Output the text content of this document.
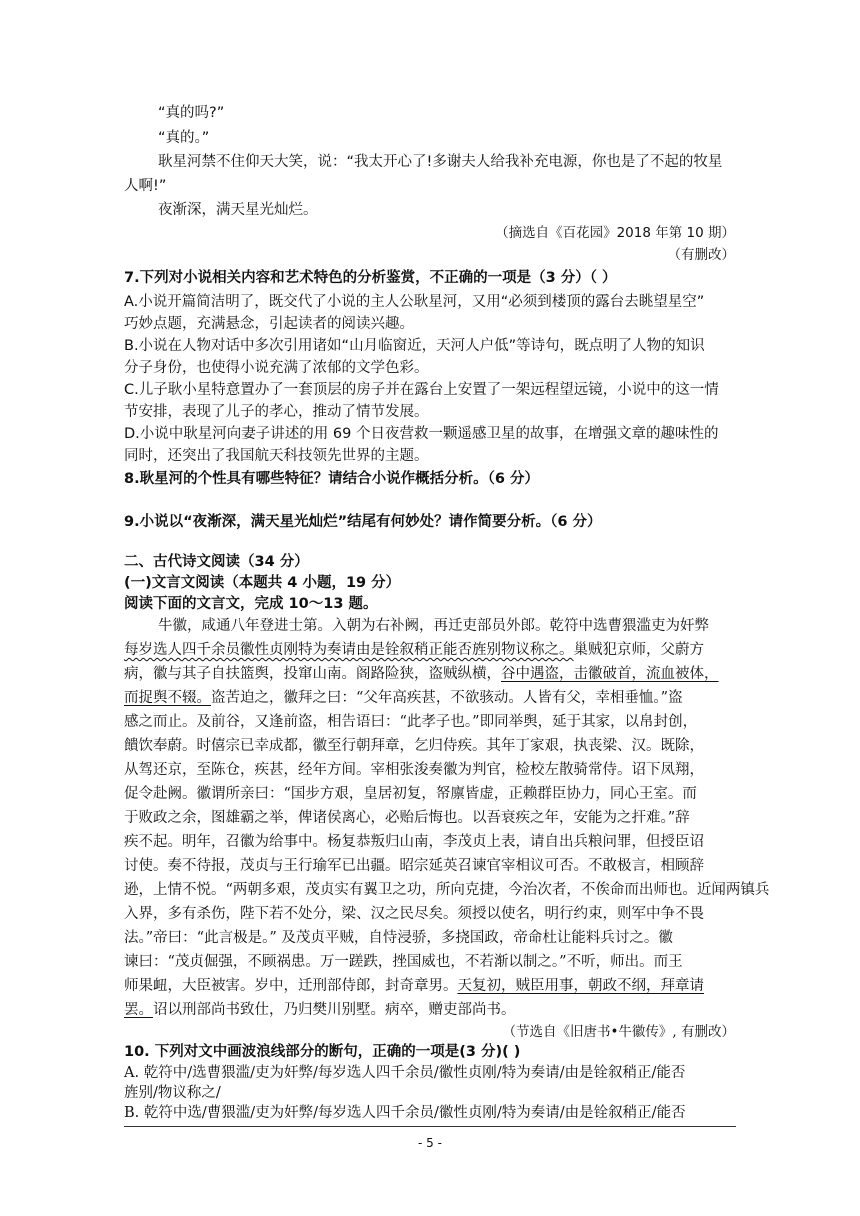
“真的吗?”
“真的。”
耿星河禁不住仰天大笑，说：“我太开心了!多谢夫人给我补充电源，你也是了不起的牧星
人啊!”
夜渐深，满天星光灿烂。
（摘选自《百花园》2018 年第 10 期）
（有删改）
7.下列对小说相关内容和艺术特色的分析鉴赏，不正确的一项是（3 分）（ ）
A.小说开篇简洁明了，既交代了小说的主人公耿星河，又用“必须到楼顶的露台去眺望星空”
巧妙点题，充满悬念，引起读者的阅读兴趣。
B.小说在人物对话中多次引用诸如“山月临窗近，天河人户低”等诗句，既点明了人物的知识
分子身份，也使得小说充满了浓郁的文学色彩。
C.儿子耿小星特意置办了一套顶层的房子并在露台上安置了一架远程望远镜，小说中的这一情
节安排，表现了儿子的孝心，推动了情节发展。
D.小说中耿星河向妻子讲述的用 69 个日夜营救一颗遥感卫星的故事，在增强文章的趣味性的
同时，还突出了我国航天科技领先世界的主题。
8.耿星河的个性具有哪些特征？请结合小说作概括分析。（6 分）
9.小说以“夜渐深，满天星光灿烂”结尾有何妙处？请作简要分析。（6 分）
二、古代诗文阅读（34 分）
(一)文言文阅读（本题共 4 小题，19 分）
阅读下面的文言文，完成 10～13 题。
牛徽，咸通八年登进士第。入朝为右补阙，再迁吏部员外郎。乾符中选曹猥滥吏为奸弊
每岁选人四千余员徽性贞刚特为奏请由是铨叙稍正能否旌别物议称之。巢贼犯京师，父蔚方
病，徽与其子自扶篮舆，投窜山南。阁路险狭，盗贼纵横，谷中遇盗，击徽破首，流血被体，
而捉舆不辍。盗苦迫之，徽拜之曰：“父年高疾甚，不欲骇动。人皆有父，幸相垂恤。”盗
感之而止。及前谷，又逢前盗，相告语曰：“此孝子也。”即同举舆，延于其家，以帛封创，
饋饮奉蔚。时僖宗已幸成都，徽至行朝拜章，乞归侍疾。其年丁家艰，执丧梁、汉。既除，
从驾还京，至陈仓，疾甚，经年方间。宰相张浚奏徽为判官，检校左散骑常侍。诏下凤翔，
促令赴阙。徽谓所亲曰：“国步方艰，皇居初复，帑廪皆虚，正赖群臣协力，同心王室。而
于败政之余，图雄霸之举，俾诸侯离心，必贻后悔也。以吾衰疾之年，安能为之扞难。”辞
疾不起。明年，召徽为给事中。杨复恭叛归山南，李茂贞上表，请自出兵粮问罪，但授臣诏
讨使。奏不待报，茂贞与王行瑜军已出疆。昭宗延英召谏官宰相议可否。不敢极言，相顾辞
逊，上情不悦。“两朝多艰，茂贞实有翼卫之功，所向克捷，今治次者，不俟命而出师也。近闻两镇兵
入界，多有杀伤，陛下若不处分，梁、汉之民尽矣。须授以使名，明行约束，则军中争不畏
法。”帝曰：“此言极是。” 及茂贞平贼，自恃浸骄，多挠国政，帝命杜让能料兵讨之。徽
谏曰：“茂贞倔强，不顾祸患。万一蹉跌，挫国威也，不若渐以制之。”不听，师出。而王
师果衄，大臣被害。岁中，迁刑部侍郎，封奇章男。天复初，贼臣用事，朝政不纲，拜章请
罢。诏以刑部尚书致仕，乃归樊川别墅。病卒，赠吏部尚书。
（节选自《旧唐书•牛徽传》, 有删改）
10. 下列对文中画波浪线部分的断句，正确的一项是(3 分)( )
A. 乾符中/选曹猥滥/吏为奸弊/每岁选人四千余员/徽性贞刚/特为奏请/由是铨叙稍正/能否
旌别/物议称之/
B. 乾符中选/曹猥滥/吏为奸弊/每岁选人四千余员/徽性贞刚/特为奏请/由是铨叙稍正/能否
- 5 -
